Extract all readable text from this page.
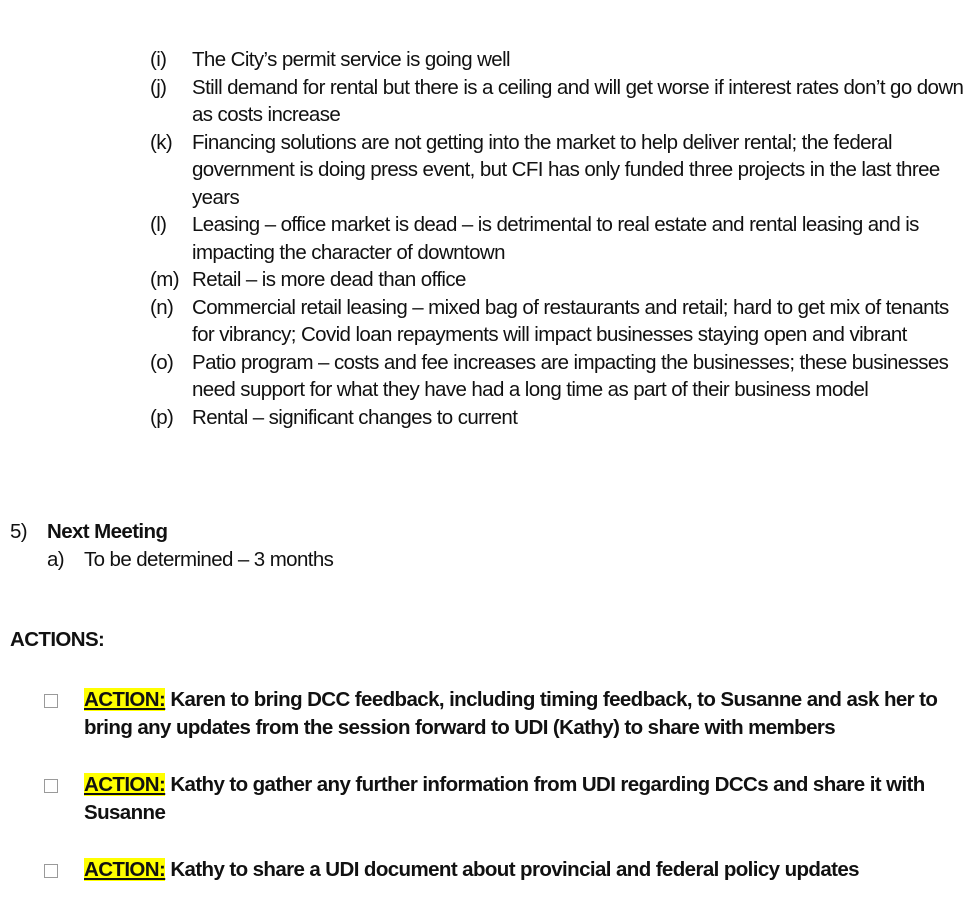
(i)	The City’s permit service is going well
(j)	Still demand for rental but there is a ceiling and will get worse if interest rates don’t go down as costs increase
(k) Financing solutions are not getting into the market to help deliver rental; the federal government is doing press event, but CFI has only funded three projects in the last three years
(l)	Leasing – office market is dead – is detrimental to real estate and rental leasing and is impacting the character of downtown
(m) Retail – is more dead than office
(n) Commercial retail leasing – mixed bag of restaurants and retail; hard to get mix of tenants for vibrancy; Covid loan repayments will impact businesses staying open and vibrant
(o) Patio program – costs and fee increases are impacting the businesses; these businesses need support for what they have had a long time as part of their business model
(p) Rental – significant changes to current
5) Next Meeting
a) To be determined – 3 months
ACTIONS:
ACTION: Karen to bring DCC feedback, including timing feedback, to Susanne and ask her to bring any updates from the session forward to UDI (Kathy) to share with members
ACTION: Kathy to gather any further information from UDI regarding DCCs and share it with Susanne
ACTION: Kathy to share a UDI document about provincial and federal policy updates
